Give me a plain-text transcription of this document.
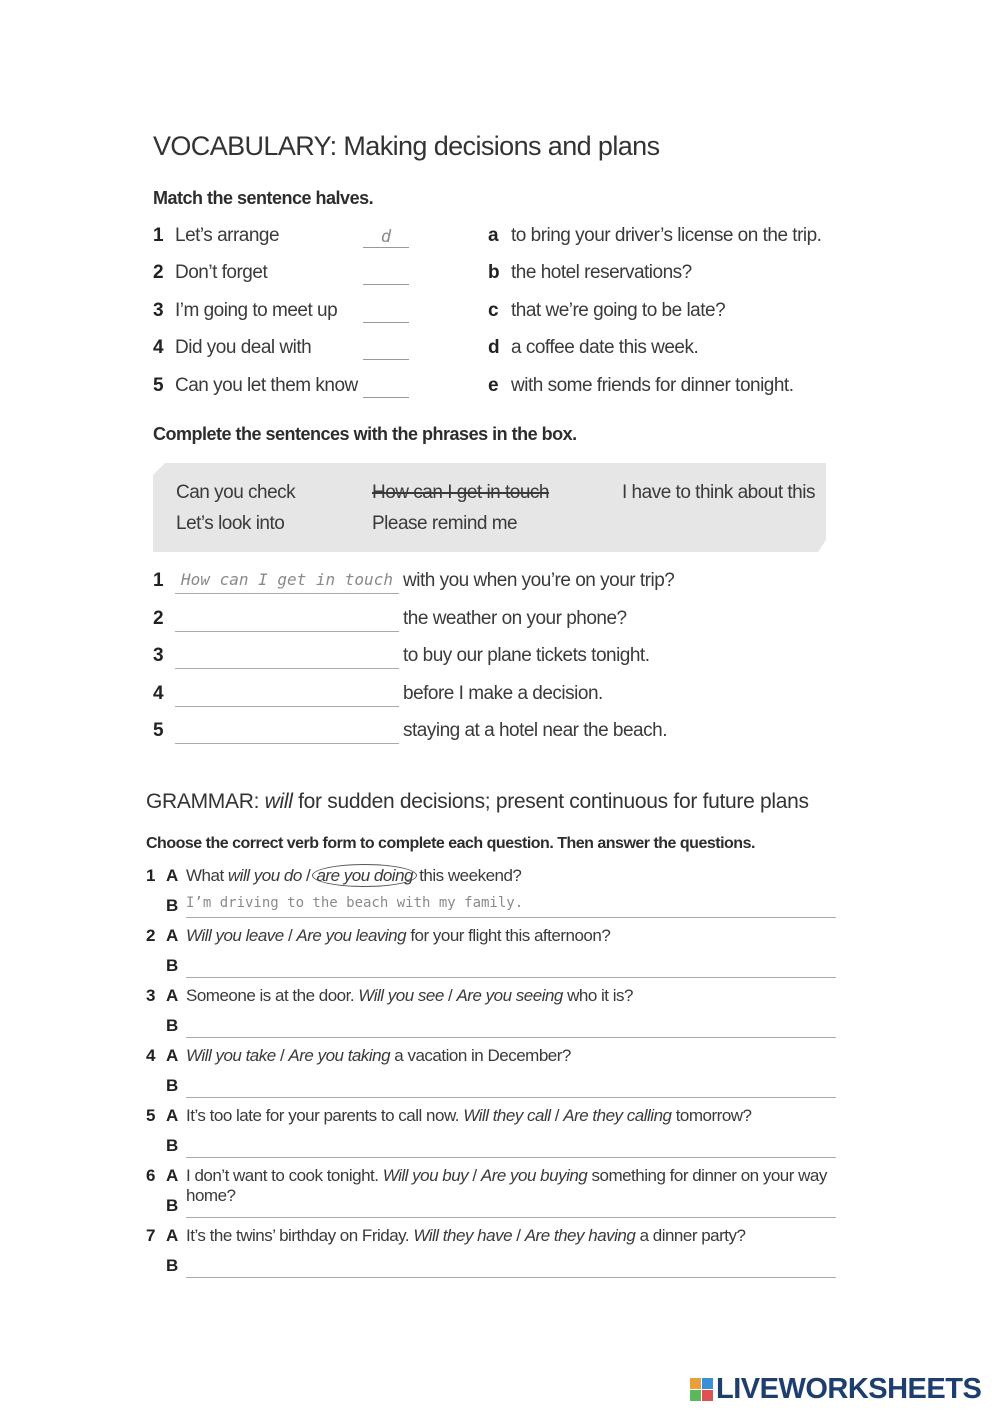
VOCABULARY: Making decisions and plans
Match the sentence halves.
1 Let’s arrange	d	a to bring your driver’s license on the trip.
2 Don’t forget	b the hotel reservations?
3 I’m going to meet up	c that we’re going to be late?
4 Did you deal with	d a coffee date this week.
5 Can you let them know	e with some friends for dinner tonight.
Complete the sentences with the phrases in the box.
Can you check
Let’s look into
How can I get in touch
Please remind me
I have to think about this
1	How can I get in touch with you when you’re on your trip?
2	the weather on your phone?
3	to buy our plane tickets tonight.
4	before I make a decision.
5	staying at a hotel near the beach.
GRAMMAR: will for sudden decisions; present continuous for future plans
Choose the correct verb form to complete each question. Then answer the questions.
1 A What will you do / are you doing this weekend?
B I’m driving to the beach with my family.
2 A Will you leave / Are you leaving for your flight this afternoon?
B
3 A Someone is at the door. Will you see / Are you seeing who it is?
B
4 A Will you take / Are you taking a vacation in December?
B
5 A It’s too late for your parents to call now. Will they call / Are they calling tomorrow?
B
6 A I don’t want to cook tonight. Will you buy / Are you buying something for dinner on your way home?
B
7 A It’s the twins’ birthday on Friday. Will they have / Are they having a dinner party?
B
LIVEWORKSHEETS
